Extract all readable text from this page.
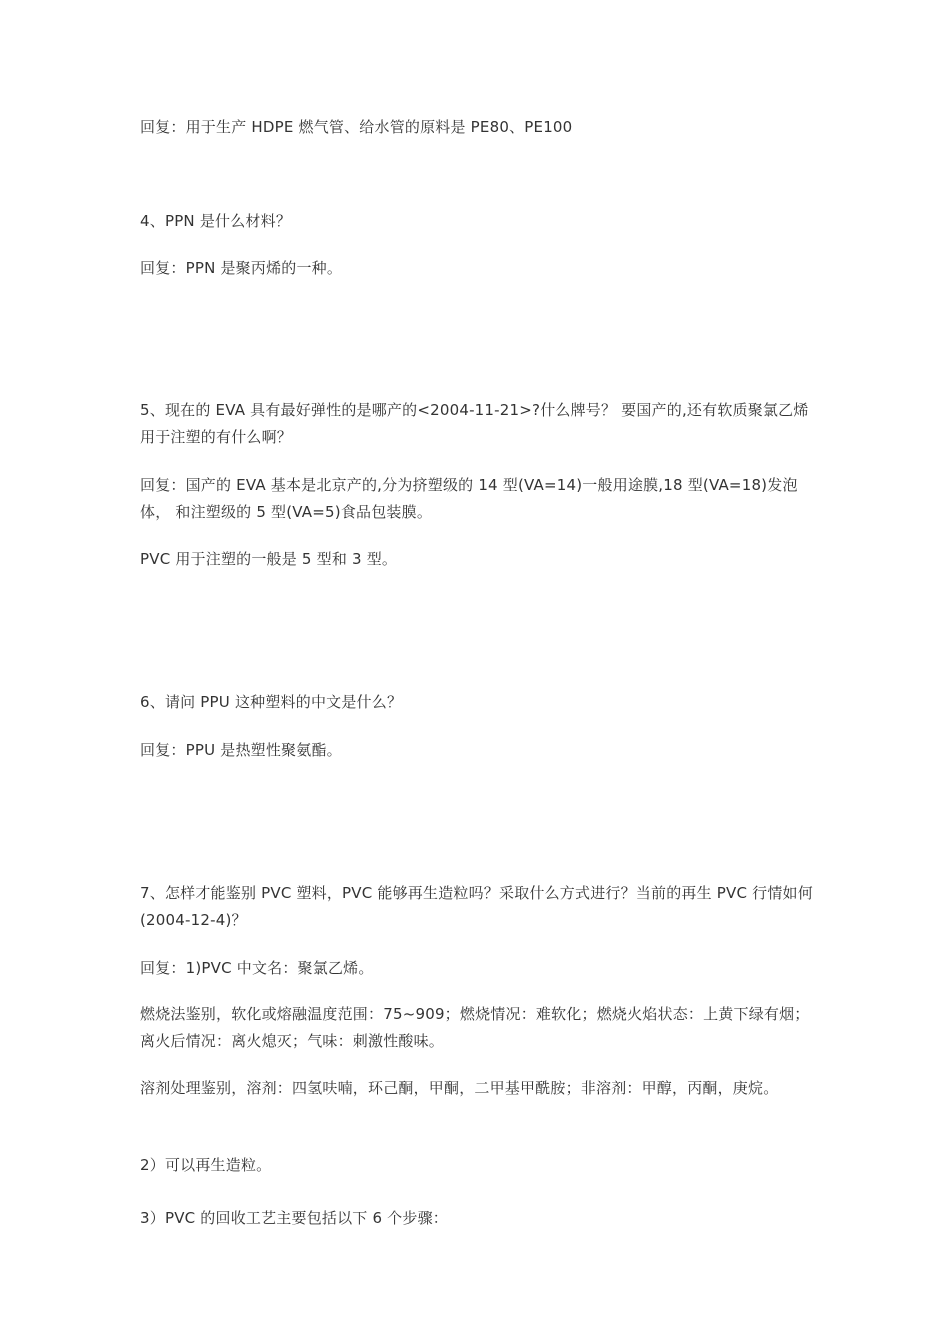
回复：用于生产 HDPE 燃气管、给水管的原料是 PE80、PE100

4、PPN 是什么材料？

回复：PPN 是聚丙烯的一种。

5、现在的 EVA 具有最好弹性的是哪产的<2004-11-21>?什么牌号？ 要国产的,还有软质聚氯乙烯用于注塑的有什么啊？

回复：国产的 EVA 基本是北京产的,分为挤塑级的 14 型(VA=14)一般用途膜,18 型(VA=18)发泡体， 和注塑级的 5 型(VA=5)食品包装膜。

PVC 用于注塑的一般是 5 型和 3 型。

6、请问 PPU 这种塑料的中文是什么？

回复：PPU 是热塑性聚氨酯。

7、怎样才能鉴别 PVC 塑料，PVC 能够再生造粒吗？采取什么方式进行？当前的再生 PVC 行情如何(2004-12-4)？

回复：1)PVC 中文名：聚氯乙烯。

燃烧法鉴别，软化或熔融温度范围：75~909；燃烧情况：难软化；燃烧火焰状态：上黄下绿有烟；离火后情况：离火熄灭；气味：刺激性酸味。

溶剂处理鉴别，溶剂：四氢呋喃，环己酮，甲酮，二甲基甲酰胺；非溶剂：甲醇，丙酮，庚烷。

2）可以再生造粒。

3）PVC 的回收工艺主要包括以下 6 个步骤：
